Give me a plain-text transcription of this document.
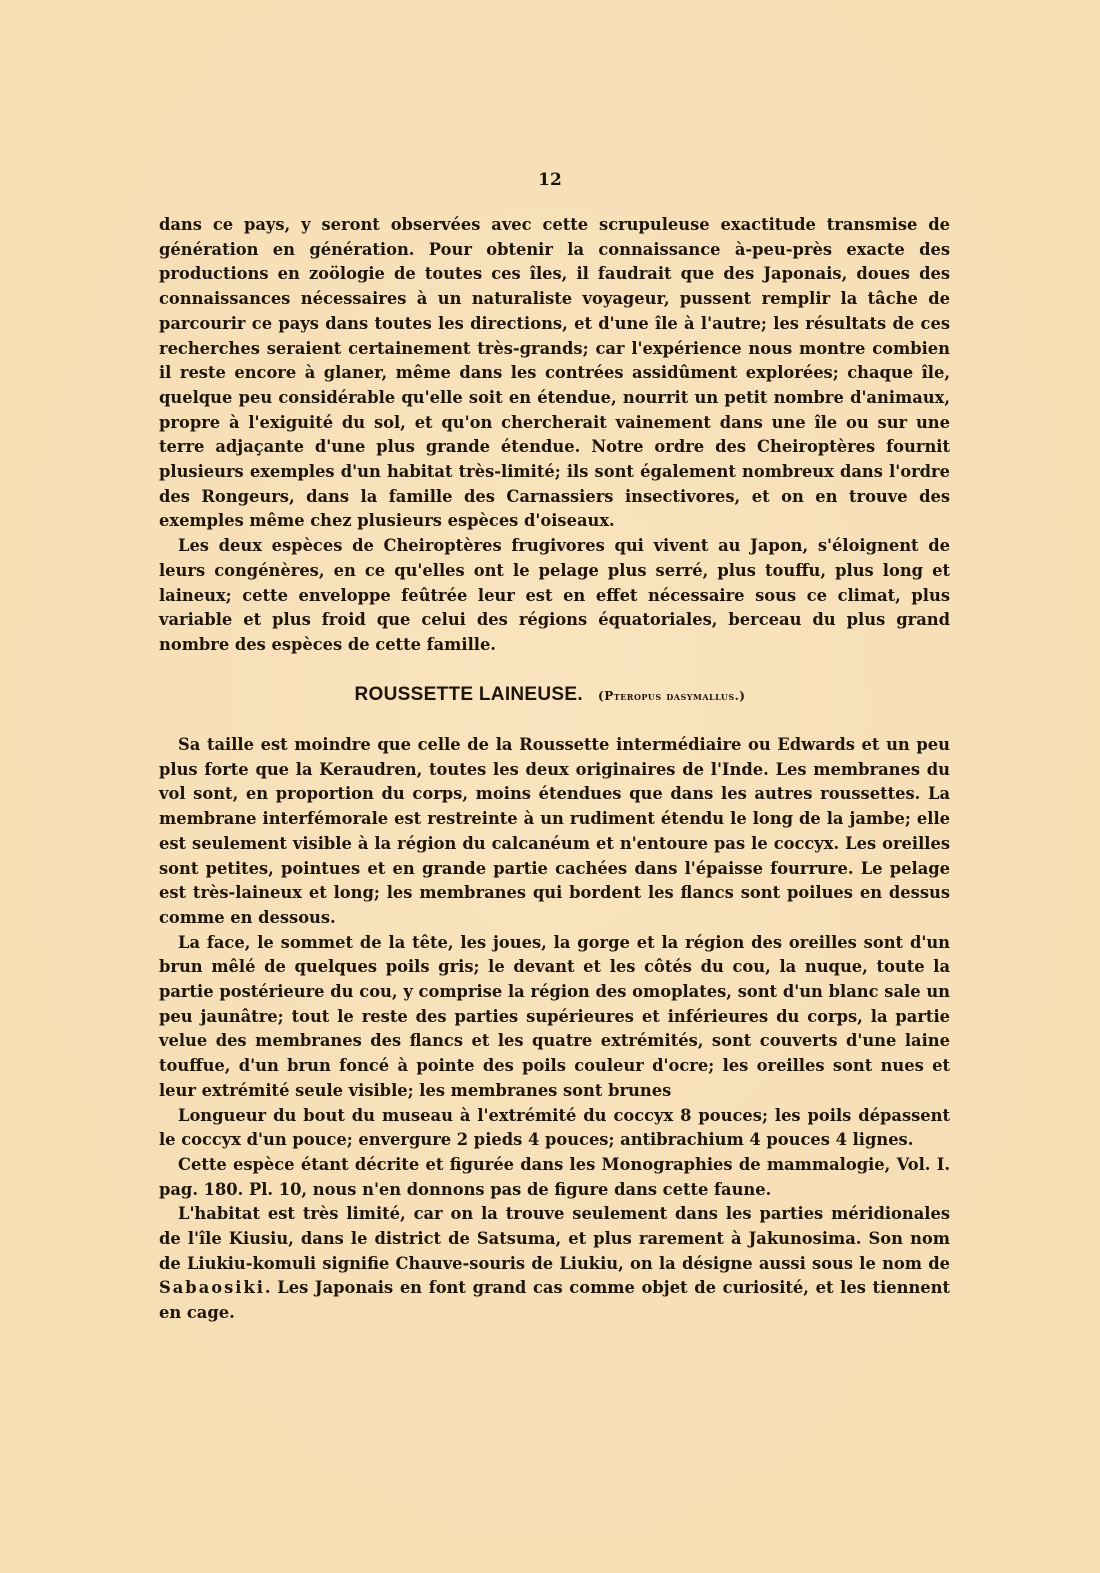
12

dans ce pays, y seront observées avec cette scrupuleuse exactitude transmise de génération en génération. Pour obtenir la connaissance à-peu-près exacte des productions en zoölogie de toutes ces îles, il faudrait que des Japonais, doues des connaissances nécessaires à un naturaliste voyageur, pussent remplir la tâche de parcourir ce pays dans toutes les directions, et d'une île à l'autre; les résultats de ces recherches seraient certainement très-grands; car l'expérience nous montre combien il reste encore à glaner, même dans les contrées assidûment explorées; chaque île, quelque peu considérable qu'elle soit en étendue, nourrit un petit nombre d'animaux, propre à l'exiguité du sol, et qu'on chercherait vainement dans une île ou sur une terre adjaçante d'une plus grande étendue. Notre ordre des Cheiroptères fournit plusieurs exemples d'un habitat très-limité; ils sont également nombreux dans l'ordre des Rongeurs, dans la famille des Carnassiers insectivores, et on en trouve des exemples même chez plusieurs espèces d'oiseaux.

Les deux espèces de Cheiroptères frugivores qui vivent au Japon, s'éloignent de leurs congénères, en ce qu'elles ont le pelage plus serré, plus touffu, plus long et laineux; cette enveloppe feûtrée leur est en effet nécessaire sous ce climat, plus variable et plus froid que celui des régions équatoriales, berceau du plus grand nombre des espèces de cette famille.

ROUSSETTE LAINEUSE. (Pteropus dasymallus.)

Sa taille est moindre que celle de la Roussette intermédiaire ou Edwards et un peu plus forte que la Keraudren, toutes les deux originaires de l'Inde. Les membranes du vol sont, en proportion du corps, moins étendues que dans les autres roussettes. La membrane interfémorale est restreinte à un rudiment étendu le long de la jambe; elle est seulement visible à la région du calcanéum et n'entoure pas le coccyx. Les oreilles sont petites, pointues et en grande partie cachées dans l'épaisse fourrure. Le pelage est très-laineux et long; les membranes qui bordent les flancs sont poilues en dessus comme en dessous.

La face, le sommet de la tête, les joues, la gorge et la région des oreilles sont d'un brun mêlé de quelques poils gris; le devant et les côtés du cou, la nuque, toute la partie postérieure du cou, y comprise la région des omoplates, sont d'un blanc sale un peu jaunâtre; tout le reste des parties supérieures et inférieures du corps, la partie velue des membranes des flancs et les quatre extrémités, sont couverts d'une laine touffue, d'un brun foncé à pointe des poils couleur d'ocre; les oreilles sont nues et leur extrémité seule visible; les membranes sont brunes

Longueur du bout du museau à l'extrémité du coccyx 8 pouces; les poils dépassent le coccyx d'un pouce; envergure 2 pieds 4 pouces; antibrachium 4 pouces 4 lignes.

Cette espèce étant décrite et figurée dans les Monographies de mammalogie, Vol. I. pag. 180. Pl. 10, nous n'en donnons pas de figure dans cette faune.

L'habitat est très limité, car on la trouve seulement dans les parties méridionales de l'île Kiusiu, dans le district de Satsuma, et plus rarement à Jakunosima. Son nom de Liukiu-komuli signifie Chauve-souris de Liukiu, on la désigne aussi sous le nom de Sabaosiki. Les Japonais en font grand cas comme objet de curiosité, et les tiennent en cage.
